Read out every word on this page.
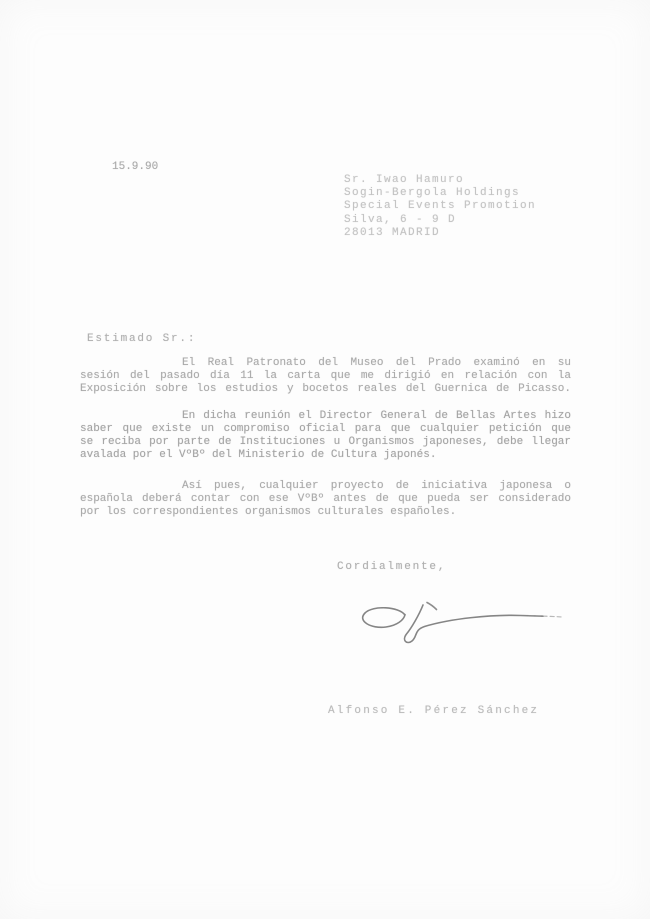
15.9.90
Sr. Iwao Hamuro
Sogin-Bergola Holdings
Special Events Promotion
Silva, 6 - 9 D
28013 MADRID
Estimado Sr.:
El Real Patronato del Museo del Prado examinó en su
sesión del pasado día 11 la carta que me dirigió en relación con la
Exposición sobre los estudios y bocetos reales del Guernica de Picasso.
En dicha reunión el Director General de Bellas Artes hizo
saber que existe un compromiso oficial para que cualquier petición que
se reciba por parte de Instituciones u Organismos japoneses, debe llegar
avalada por el VºBº del Ministerio de Cultura japonés.
Así pues, cualquier proyecto de iniciativa japonesa o
española deberá contar con ese VºBº antes de que pueda ser considerado
por los correspondientes organismos culturales españoles.
Cordialmente,
Alfonso E. Pérez Sánchez
